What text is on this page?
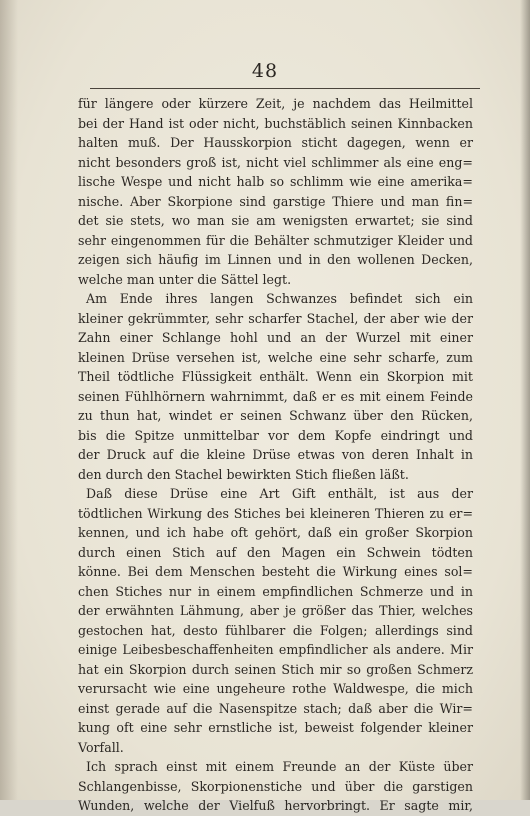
48
für längere oder kürzere Zeit, je nachdem das Heilmittel
bei der Hand ist oder nicht, buchstäblich seinen Kinnbacken
halten muß. Der Hausskorpion sticht dagegen, wenn er
nicht besonders groß ist, nicht viel schlimmer als eine eng=
lische Wespe und nicht halb so schlimm wie eine amerika=
nische. Aber Skorpione sind garstige Thiere und man fin=
det sie stets, wo man sie am wenigsten erwartet; sie sind
sehr eingenommen für die Behälter schmutziger Kleider und
zeigen sich häufig im Linnen und in den wollenen Decken,
welche man unter die Sättel legt.
Am Ende ihres langen Schwanzes befindet sich ein
kleiner gekrümmter, sehr scharfer Stachel, der aber wie der
Zahn einer Schlange hohl und an der Wurzel mit einer
kleinen Drüse versehen ist, welche eine sehr scharfe, zum
Theil tödtliche Flüssigkeit enthält. Wenn ein Skorpion mit
seinen Fühlhörnern wahrnimmt, daß er es mit einem Feinde
zu thun hat, windet er seinen Schwanz über den Rücken,
bis die Spitze unmittelbar vor dem Kopfe eindringt und
der Druck auf die kleine Drüse etwas von deren Inhalt in
den durch den Stachel bewirkten Stich fließen läßt.
Daß diese Drüse eine Art Gift enthält, ist aus der
tödtlichen Wirkung des Stiches bei kleineren Thieren zu er=
kennen, und ich habe oft gehört, daß ein großer Skorpion
durch einen Stich auf den Magen ein Schwein tödten
könne. Bei dem Menschen besteht die Wirkung eines sol=
chen Stiches nur in einem empfindlichen Schmerze und in
der erwähnten Lähmung, aber je größer das Thier, welches
gestochen hat, desto fühlbarer die Folgen; allerdings sind
einige Leibesbeschaffenheiten empfindlicher als andere. Mir
hat ein Skorpion durch seinen Stich mir so großen Schmerz
verursacht wie eine ungeheure rothe Waldwespe, die mich
einst gerade auf die Nasenspitze stach; daß aber die Wir=
kung oft eine sehr ernstliche ist, beweist folgender kleiner
Vorfall.
Ich sprach einst mit einem Freunde an der Küste über
Schlangenbisse, Skorpionenstiche und über die garstigen
Wunden, welche der Vielfuß hervorbringt. Er sagte mir,
